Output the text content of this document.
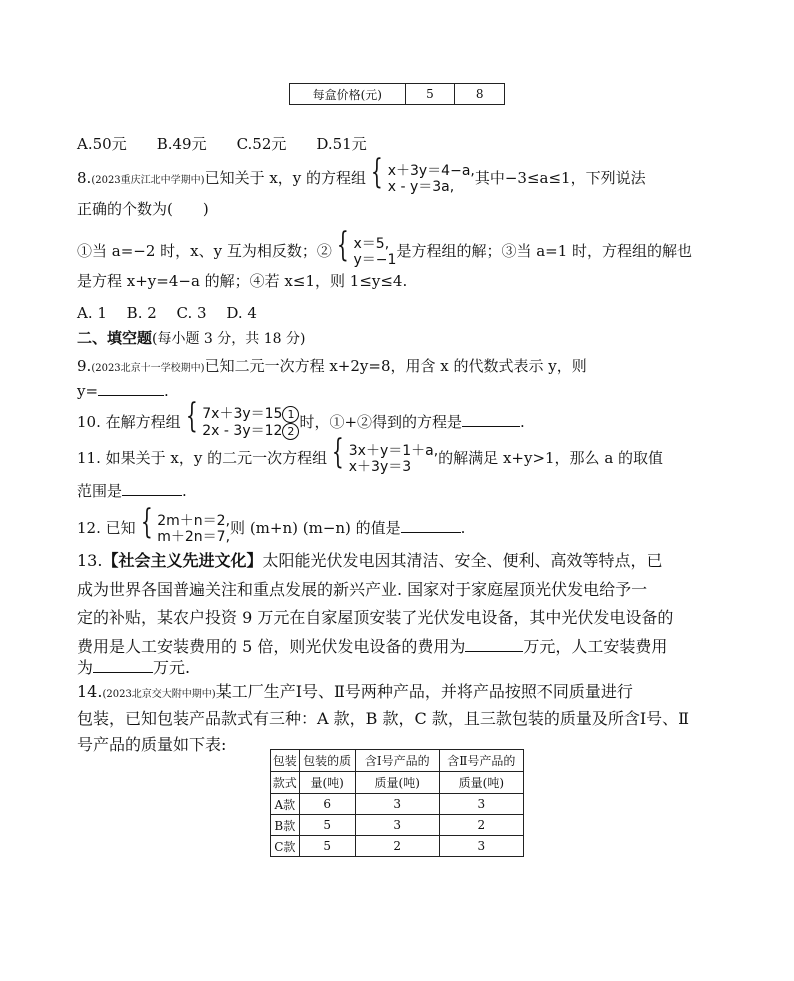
每盒价格(元)	5	8
A.50元　　B.49元　　C.52元　　D.51元
8.(2023重庆江北中学期中)已知关于 x，y 的方程组 { x＋3y＝4−a,
x - y＝3a, 其中−3≤a≤1，下列说法
正确的个数为(　　)
①当 a=−2 时，x、y 互为相反数；② { x＝5,
y＝−1是方程组的解；③当 a=1 时，方程组的解也
是方程 x+y=4−a 的解；④若 x≤1，则 1≤y≤4.
A. 1　 B. 2　 C. 3　 D. 4
二、填空题(每小题 3 分，共 18 分)
9.(2023北京十一学校期中)已知二元一次方程 x+2y=8，用含 x 的代数式表示 y，则
y=	.
10. 在解方程组 { 7x＋3y＝15 1
2x - 3y＝12 2时，①+②得到的方程是	.
11. 如果关于 x，y 的二元一次方程组 { 3x＋y＝1＋a,
x＋3y＝3 的解满足 x+y>1，那么 a 的取值
范围是	.
12. 已知 { 2m＋n＝2,
m＋2n＝7,则 (m+n) (m−n) 的值是	.
13.【社会主义先进文化】太阳能光伏发电因其清洁、安全、便利、高效等特点，已
成为世界各国普遍关注和重点发展的新兴产业. 国家对于家庭屋顶光伏发电给予一
定的补贴，某农户投资 9 万元在自家屋顶安装了光伏发电设备，其中光伏发电设备的
费用是人工安装费用的 5 倍，则光伏发电设备的费用为	万元，人工安装费用
为	万元.
14.(2023北京交大附中期中)某工厂生产Ⅰ号、Ⅱ号两种产品，并将产品按照不同质量进行
包装，已知包装产品款式有三种：A 款，B 款，C 款，且三款包装的质量及所含Ⅰ号、Ⅱ
号产品的质量如下表:
包装	包装的质	含Ⅰ号产品的	含Ⅱ号产品的
款式	量(吨)	质量(吨)	质量(吨)
A款	6	3	3
B款	5	3	2
C款	5	2	3
